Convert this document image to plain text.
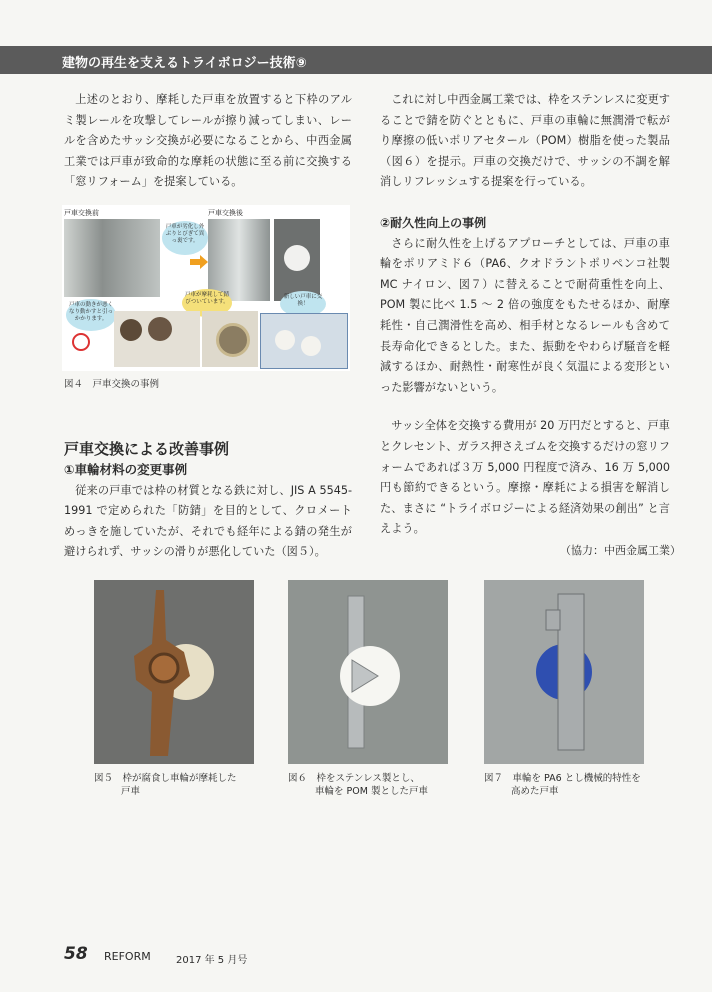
建物の再生を支えるトライボロジー技術⑨

上述のとおり、摩耗した戸車を放置すると下枠のアルミ製レールを攻撃してレールが擦り減ってしまい、レールを含めたサッシ交換が必要になることから、中西金属工業では戸車が致命的な摩耗の状態に至る前に交換する「窓リフォーム」を提案している。

これに対し中西金属工業では、枠をステンレスに変更することで錆を防ぐとともに、戸車の車輪に無潤滑で転がり摩擦の低いポリアセタール（POM）樹脂を使った製品（図６）を提示。戸車の交換だけで、サッシの不調を解消しリフレッシュする提案を行っている。

②耐久性向上の事例

さらに耐久性を上げるアプローチとしては、戸車の車輪をポリアミド６（PA6、クオドラントポリペンコ社製 MC ナイロン、図７）に替えることで耐荷重性を向上、POM 製に比べ 1.5 ～ 2 倍の強度をもたせるほか、耐摩耗性・自己潤滑性を高め、相手材となるレールも含めて長寿命化できるとした。また、振動をやわらげ騒音を軽減するほか、耐熱性・耐寒性が良く気温による変形といった影響がないという。

サッシ全体を交換する費用が 20 万円だとすると、戸車とクレセント、ガラス押さえゴムを交換するだけの窓リフォームであれば３万 5,000 円程度で済み、16 万 5,000 円も節約できるという。摩擦・摩耗による損害を解消した、まさに “トライボロジーによる経済効果の創出” と言えよう。

（協力：中西金属工業）
戸車交換前	戸車交換後
戸車が劣化し外ぶりとびぎて異っ裏です。
戸車の動きが悪くなり動かすと引っかかります。
戸車が摩耗して錆びついています。
新しい戸車に交換！
図４　戸車交換の事例
戸車交換による改善事例

①車輪材料の変更事例

従来の戸車では枠の材質となる鉄に対し、JIS A 5545-1991 で定められた「防錆」を目的として、クロメートめっきを施していたが、それでも経年による錆の発生が避けられず、サッシの滑りが悪化していた（図５）。

図５　枠が腐食し車輪が摩耗した
戸車
図６　枠をステンレス製とし、
車輪を POM 製とした戸車
図７　車輪を PA6 とし機械的特性を
高めた戸車
58 REFORM	2017 年 5 月号
